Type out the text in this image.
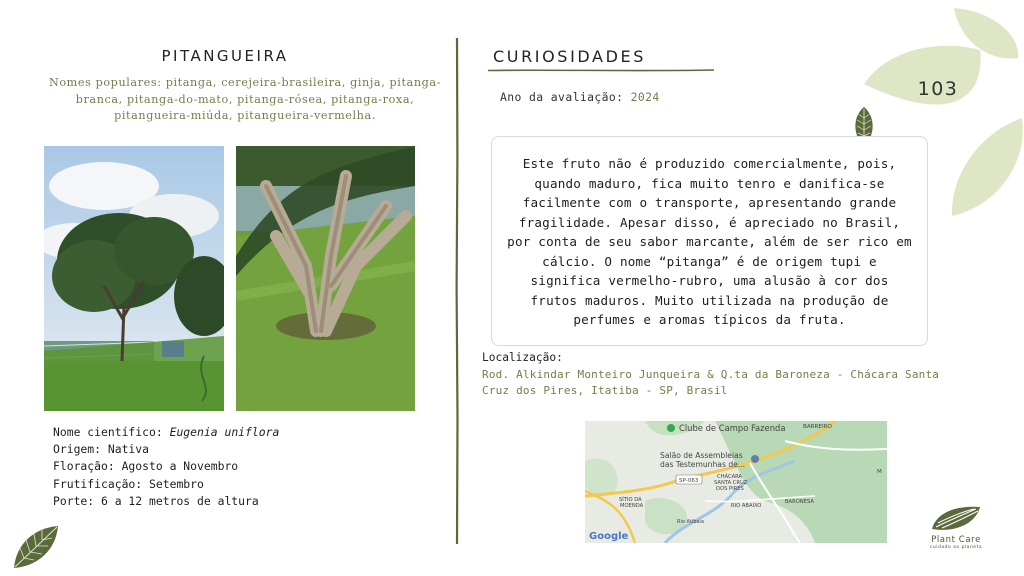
103
PITANGUEIRA
Nomes populares: pitanga, cerejeira-brasileira, ginja, pitanga-branca, pitanga-do-mato, pitanga-rósea, pitanga-roxa, pitangueira-miúda, pitangueira-vermelha.
Nome científico: Eugenia uniflora
Origem: Nativa
Floração: Agosto a Novembro
Frutificação: Setembro
Porte: 6 a 12 metros de altura
CURIOSIDADES
Ano da avaliação: 2024
Este fruto não é produzido comercialmente, pois, quando maduro, fica muito tenro e danifica-se facilmente com o transporte, apresentando grande fragilidade. Apesar disso, é apreciado no Brasil, por conta de seu sabor marcante, além de ser rico em cálcio. O nome “pitanga” é de origem tupi e significa vermelho-rubro, uma alusão à cor dos frutos maduros. Muito utilizada na produção de perfumes e aromas típicos da fruta.
Localização:
Rod. Alkindar Monteiro Junqueira & Q.ta da Baroneza - Chácara Santa Cruz dos Pires, Itatiba - SP, Brasil
Clube de Campo Fazenda
Salão de Assembleias
das Testemunhas de...
BARREIRO
SP-063
CHÁCARA
SANTA CRUZ
DOS PIRES
SÍTIO DA
MOENDA	RIO ABAIXO
BARONESA
Rio Atibaia
M
Google	Plant Care
cuidado ao planeta
